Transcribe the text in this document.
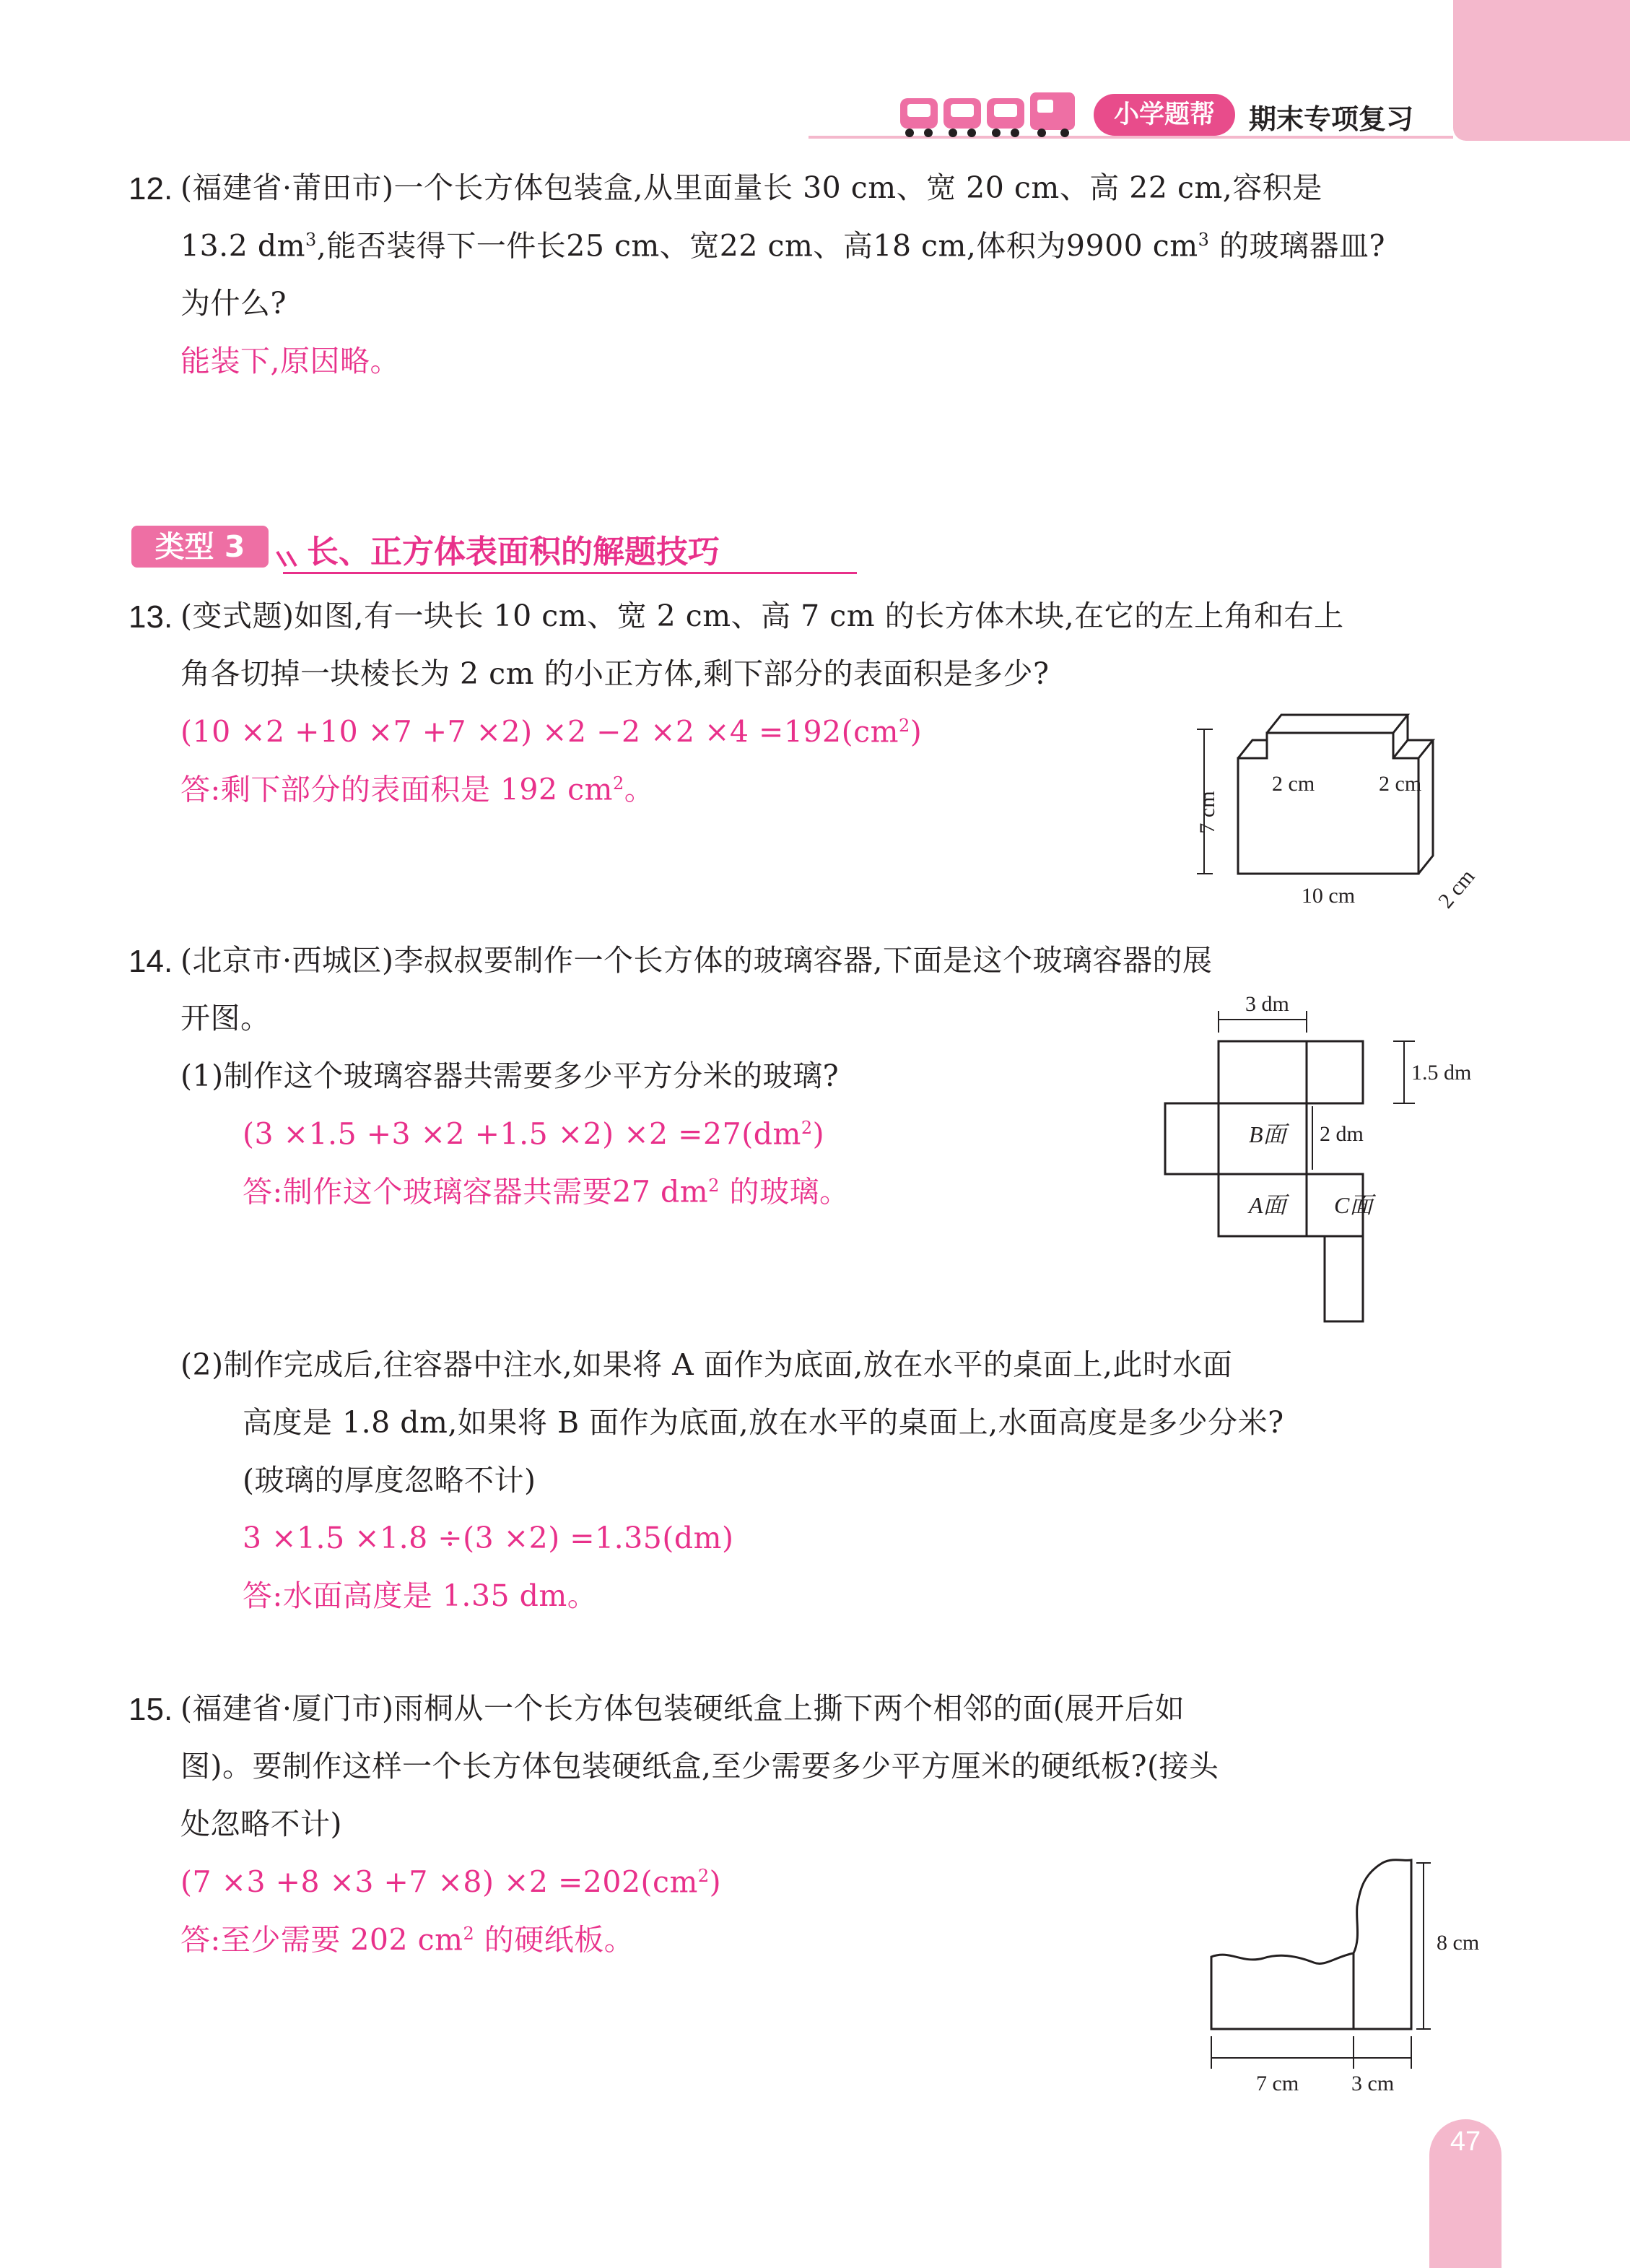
小学题帮	期末专项复习
12. (福建省·莆田市)一个长方体包装盒,从里面量长 30 cm、宽 20 cm、高 22 cm,容积是
13.2 $dm^3$,能否装得下一件长25 cm、宽22 cm、高18 cm,体积为9900 $cm^3$ 的玻璃器皿?
为什么?
能装下,原因略。
类型 3	长、正方体表面积的解题技巧
13. (变式题)如图,有一块长 10 cm、宽 2 cm、高 7 cm 的长方体木块,在它的左上角和右上
角各切掉一块棱长为 2 cm 的小正方体,剩下部分的表面积是多少?
$(10 \times 2 +10 \times 7 +7 \times 2) \times 2 -2 \times 2 \times 4 =192(cm^2)$
答:剩下部分的表面积是 192 $cm^2$。
7 cm
2 cm	2 cm
10 cm	2 cm
14. (北京市·西城区)李叔叔要制作一个长方体的玻璃容器,下面是这个玻璃容器的展
开图。
(1)制作这个玻璃容器共需要多少平方分米的玻璃?
$(3 \times 1.5 +3 \times 2 +1.5 \times 2) \times 2 =27(dm^2)$
答:制作这个玻璃容器共需要27 $dm^2$ 的玻璃。
3 dm
1.5 dm
2 dm
B面
A面 C面
(2)制作完成后,往容器中注水,如果将 A 面作为底面,放在水平的桌面上,此时水面
高度是 1.8 dm,如果将 B 面作为底面,放在水平的桌面上,水面高度是多少分米?
(玻璃的厚度忽略不计)
3 ×1.5 ×1.8 ÷(3 ×2) =1.35(dm)
答:水面高度是 1.35 dm。
15. (福建省·厦门市)雨桐从一个长方体包装硬纸盒上撕下两个相邻的面(展开后如
图)。要制作这样一个长方体包装硬纸盒,至少需要多少平方厘米的硬纸板?(接头
处忽略不计)
$(7 \times 3 +8 \times 3 +7 \times 8) \times 2 =202(cm^2)$
答:至少需要 202 $cm^2$ 的硬纸板。	8 cm
7 cm 3 cm
47
